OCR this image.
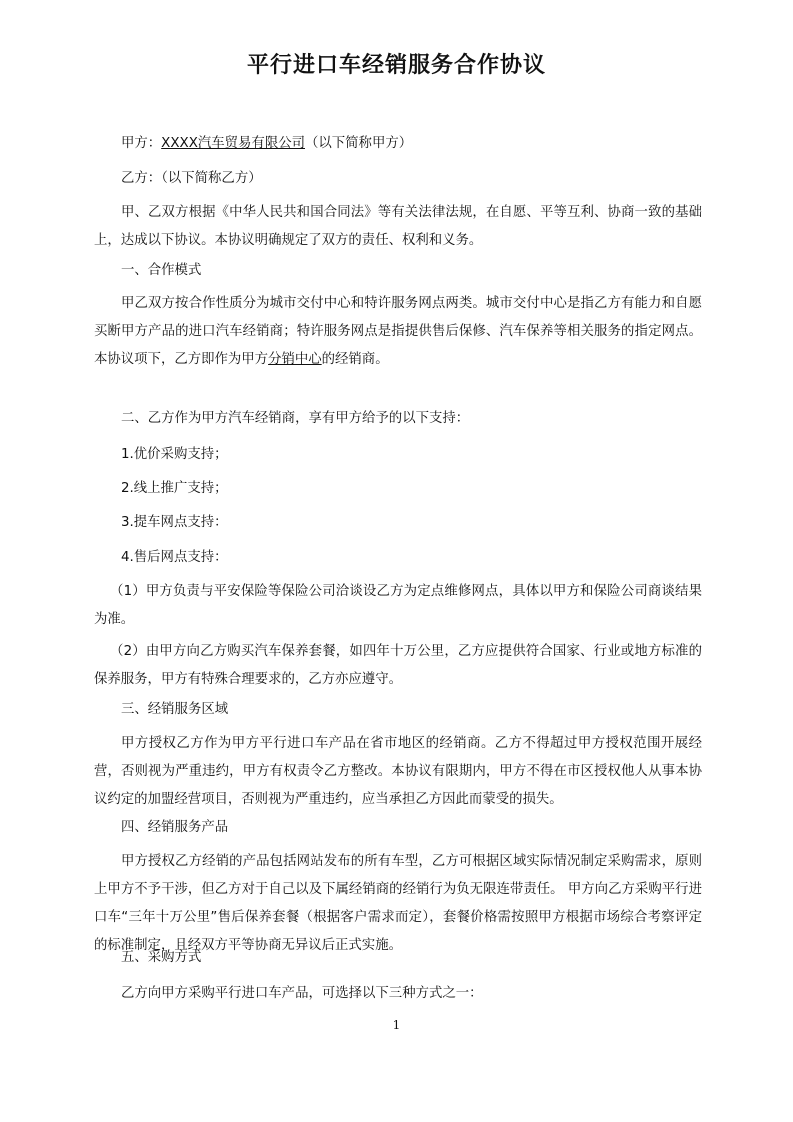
平行进口车经销服务合作协议

甲方：XXXX汽车贸易有限公司（以下简称甲方）

乙方：（以下简称乙方）

甲、乙双方根据《中华人民共和国合同法》等有关法律法规，在自愿、平等互利、协商一致的基础上，达成以下协议。本协议明确规定了双方的责任、权利和义务。

一、合作模式

甲乙双方按合作性质分为城市交付中心和特许服务网点两类。城市交付中心是指乙方有能力和自愿买断甲方产品的进口汽车经销商；特许服务网点是指提供售后保修、汽车保养等相关服务的指定网点。本协议项下，乙方即作为甲方分销中心的经销商。

二、乙方作为甲方汽车经销商，享有甲方给予的以下支持：

1.优价采购支持；

2.线上推广支持；

3.提车网点支持：

4.售后网点支持：

（1）甲方负责与平安保险等保险公司洽谈设乙方为定点维修网点，具体以甲方和保险公司商谈结果为准。

（2）由甲方向乙方购买汽车保养套餐，如四年十万公里，乙方应提供符合国家、行业或地方标准的保养服务，甲方有特殊合理要求的，乙方亦应遵守。

三、经销服务区域

甲方授权乙方作为甲方平行进口车产品在省市地区的经销商。乙方不得超过甲方授权范围开展经营，否则视为严重违约，甲方有权责令乙方整改。本协议有限期内，甲方不得在市区授权他人从事本协议约定的加盟经营项目，否则视为严重违约，应当承担乙方因此而蒙受的损失。

四、经销服务产品

甲方授权乙方经销的产品包括网站发布的所有车型，乙方可根据区域实际情况制定采购需求，原则上甲方不予干涉，但乙方对于自己以及下属经销商的经销行为负无限连带责任。 甲方向乙方采购平行进口车“三年十万公里”售后保养套餐（根据客户需求而定），套餐价格需按照甲方根据市场综合考察评定的标准制定，且经双方平等协商无异议后正式实施。

五、采购方式

乙方向甲方采购平行进口车产品，可选择以下三种方式之一：

1
